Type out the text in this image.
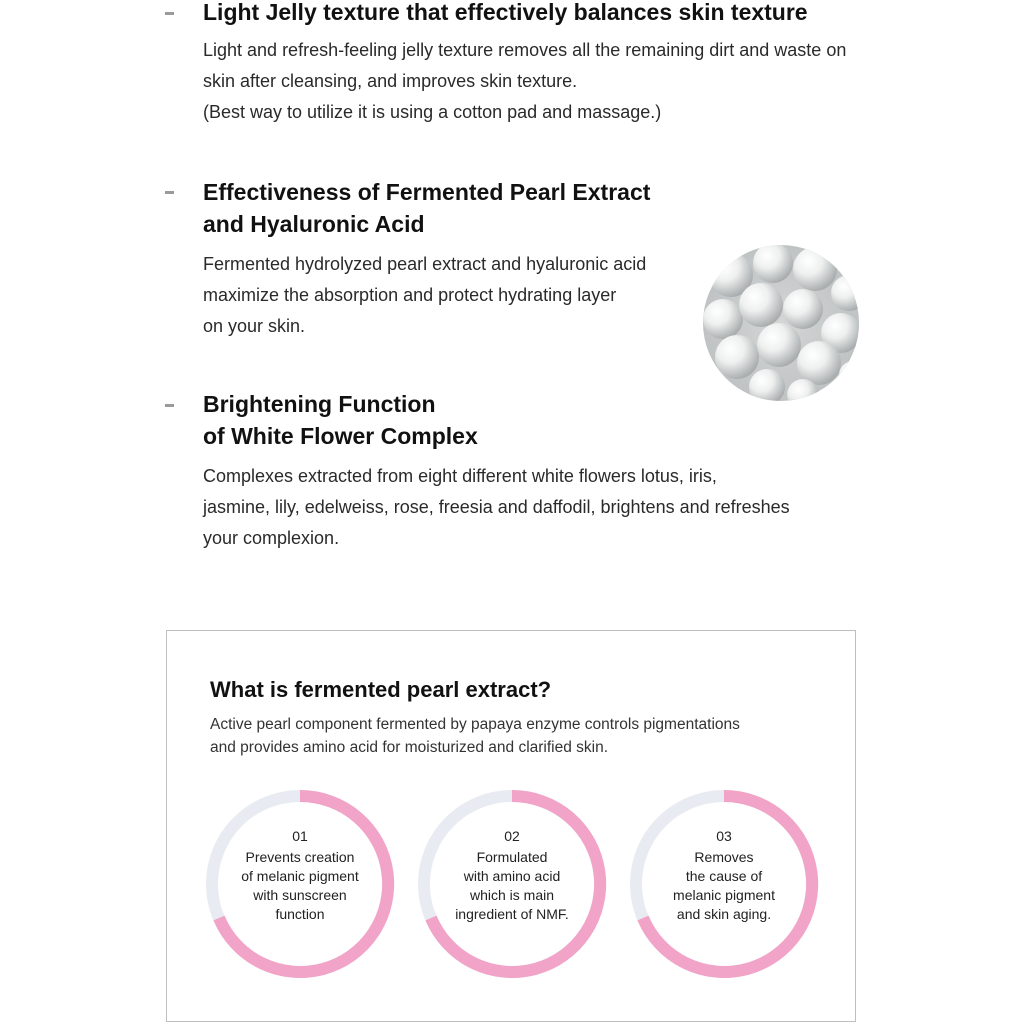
Light Jelly texture that effectively balances skin texture

Light and refresh-feeling jelly texture removes all the remaining dirt and waste on skin after cleansing, and improves skin texture.
(Best way to utilize it is using a cotton pad and massage.)

Effectiveness of Fermented Pearl Extract
and Hyaluronic Acid

Fermented hydrolyzed pearl extract and hyaluronic acid
maximize the absorption and protect hydrating layer
on your skin.

Brightening Function
of White Flower Complex

Complexes extracted from eight different white flowers lotus, iris,
jasmine, lily, edelweiss, rose, freesia and daffodil, brightens and refreshes
your complexion.

What is fermented pearl extract?

Active pearl component fermented by papaya enzyme controls pigmentations
and provides amino acid for moisturized and clarified skin.

01
Prevents creation
of melanic pigment
with sunscreen
function
02
Formulated
with amino acid
which is main
ingredient of NMF.
03
Removes
the cause of
melanic pigment
and skin aging.
